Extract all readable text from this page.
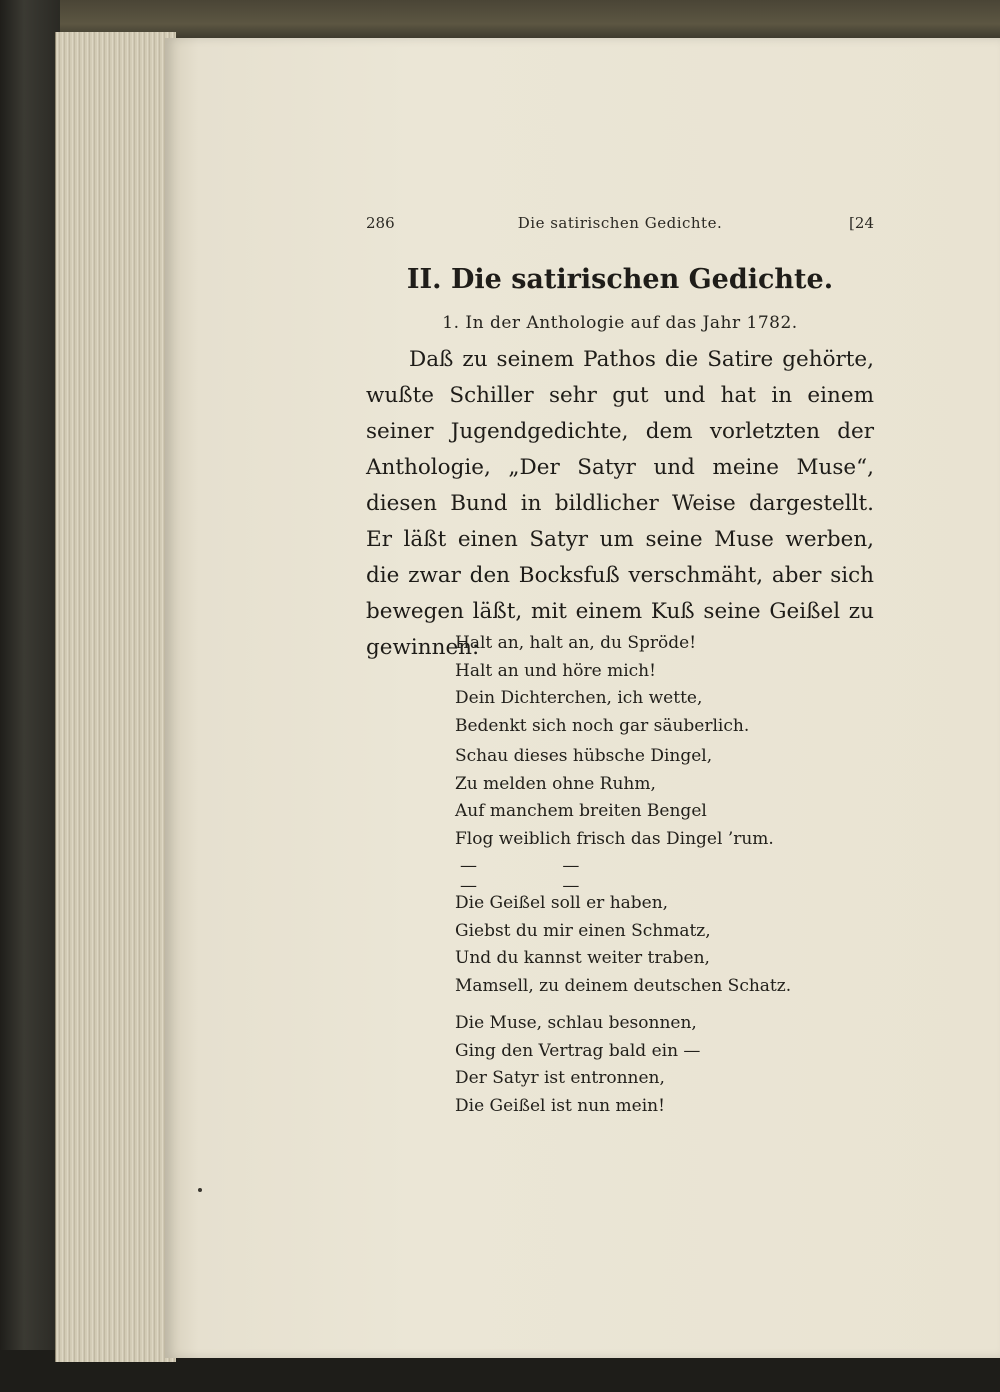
Die satirischen Gedichte.
286	[24
II. Die satirischen Gedichte.
1. In der Anthologie auf das Jahr 1782.

Daß zu seinem Pathos die Satire gehörte, wußte Schiller sehr gut und hat in einem seiner Jugendgedichte, dem vorletzten der Anthologie, „Der Satyr und meine Muse“, diesen Bund in bildlicher Weise dargestellt. Er läßt einen Satyr um seine Muse werben, die zwar den Bocksfuß verschmäht, aber sich bewegen läßt, mit einem Kuß seine Geißel zu gewinnen:

Halt an, halt an, du Spröde!
Halt an und höre mich!
Dein Dichterchen, ich wette,
Bedenkt sich noch gar säuberlich.
Schau dieses hübsche Dingel,
Zu melden ohne Ruhm,
Auf manchem breiten Bengel
Flog weiblich frisch das Dingel ’rum.
— — — —
Die Geißel soll er haben,
Giebst du mir einen Schmatz,
Und du kannst weiter traben,
Mamsell, zu deinem deutschen Schatz.
Die Muse, schlau besonnen,
Ging den Vertrag bald ein —
Der Satyr ist entronnen,
Die Geißel ist nun mein!
